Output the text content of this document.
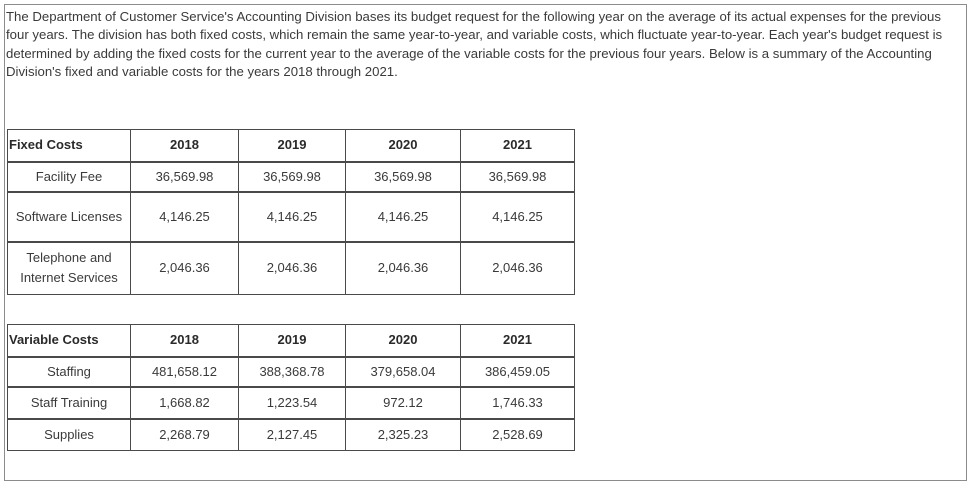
The Department of Customer Service's Accounting Division bases its budget request for the following year on the average of its actual expenses for the previous four years. The division has both fixed costs, which remain the same year-to-year, and variable costs, which fluctuate year-to-year. Each year's budget request is determined by adding the fixed costs for the current year to the average of the variable costs for the previous four years. Below is a summary of the Accounting Division's fixed and variable costs for the years 2018 through 2021.

Fixed Costs	2018	2019	2020	2021
Facility Fee	36,569.98	36,569.98	36,569.98	36,569.98
Software Licenses	4,146.25	4,146.25	4,146.25	4,146.25
Telephone and Internet Services	2,046.36	2,046.36	2,046.36	2,046.36
Variable Costs	2018	2019	2020	2021
Staffing	481,658.12	388,368.78	379,658.04	386,459.05
Staff Training	1,668.82	1,223.54	972.12	1,746.33
Supplies	2,268.79	2,127.45	2,325.23	2,528.69
